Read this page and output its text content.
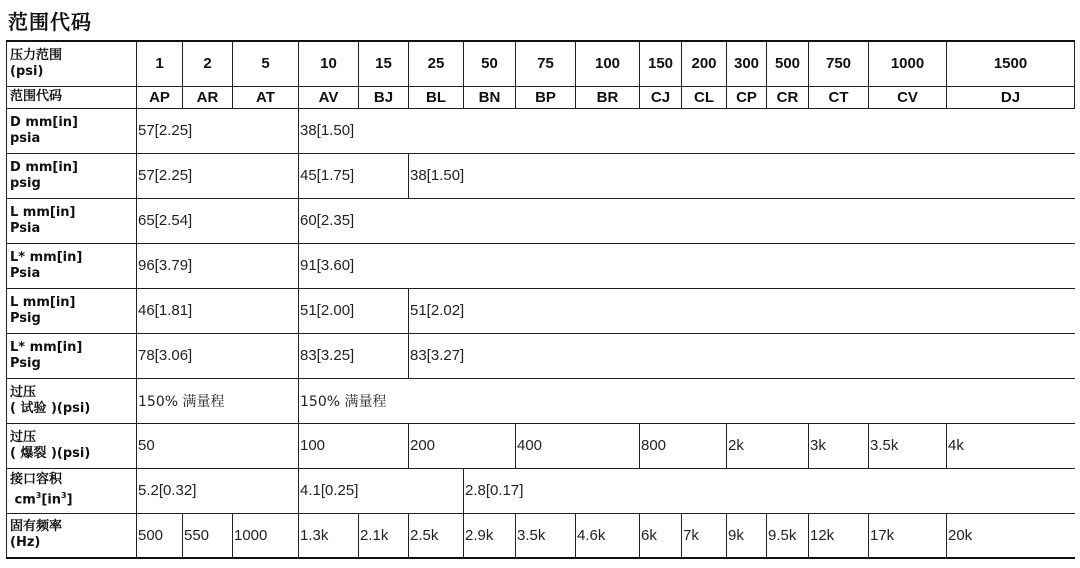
范围代码
压力范围
(psi)	1	2	5	10	15	25	50	75	100	150	200	300	500	750	1000	1500
范围代码	AP	AR	AT	AV	BJ	BL	BN	BP	BR	CJ	CL	CP	CR	CT	CV	DJ

D mm[in]
psia	57[2.25]			38[1.50]												

D mm[in]
psig	57[2.25]			45[1.75]		38[1.50]										

L mm[in]
Psia	65[2.54]			60[2.35]												

L* mm[in]
Psia	96[3.79]			91[3.60]												

L mm[in]
Psig	46[1.81]			51[2.00]		51[2.02]										

L* mm[in]
Psig	78[3.06]			83[3.25]		83[3.27]										

过压
( 试验 )(psi)	150% 满量程			150% 满量程												

过压
( 爆裂 )(psi)	50			100		200		400		800		2k		3k	3.5k	4k

接口容积
$cm^3[in^3]$	5.2[0.32]			4.1[0.25]			2.8[0.17]									

固有频率
(Hz)	500	550	1000	1.3k	2.1k	2.5k	2.9k	3.5k	4.6k	6k	7k	9k	9.5k	12k	17k	20k
